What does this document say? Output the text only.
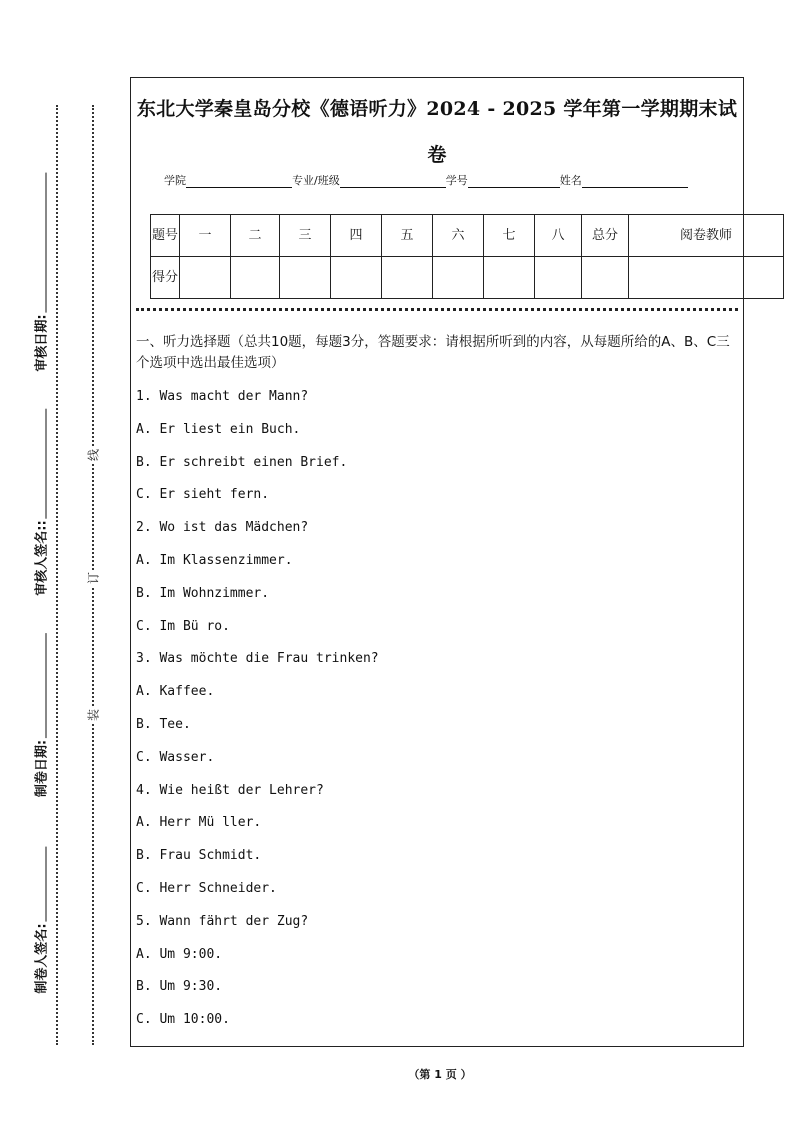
审核日期:
审核人签名::
制卷日期:
制卷人签名:
线
订
装
东北大学秦皇岛分校《德语听力》2024 - 2025 学年第一学期期末试卷
学院	专业/班级	学号	姓名
题号	一	二	三	四	五	六	七	八	总分	阅卷教师
得分										
一、听力选择题（总共10题，每题3分，答题要求：请根据所听到的内容，从每题所给的A、B、C三个选项中选出最佳选项）
1. Was macht der Mann?
A. Er liest ein Buch.
B. Er schreibt einen Brief.
C. Er sieht fern.
2. Wo ist das Mädchen?
A. Im Klassenzimmer.
B. Im Wohnzimmer.
C. Im Bü ro.
3. Was möchte die Frau trinken?
A. Kaffee.
B. Tee.
C. Wasser.
4. Wie heißt der Lehrer?
A. Herr Mü ller.
B. Frau Schmidt.
C. Herr Schneider.
5. Wann fährt der Zug?
A. Um 9:00.
B. Um 9:30.
C. Um 10:00.
（第 1 页 ）
